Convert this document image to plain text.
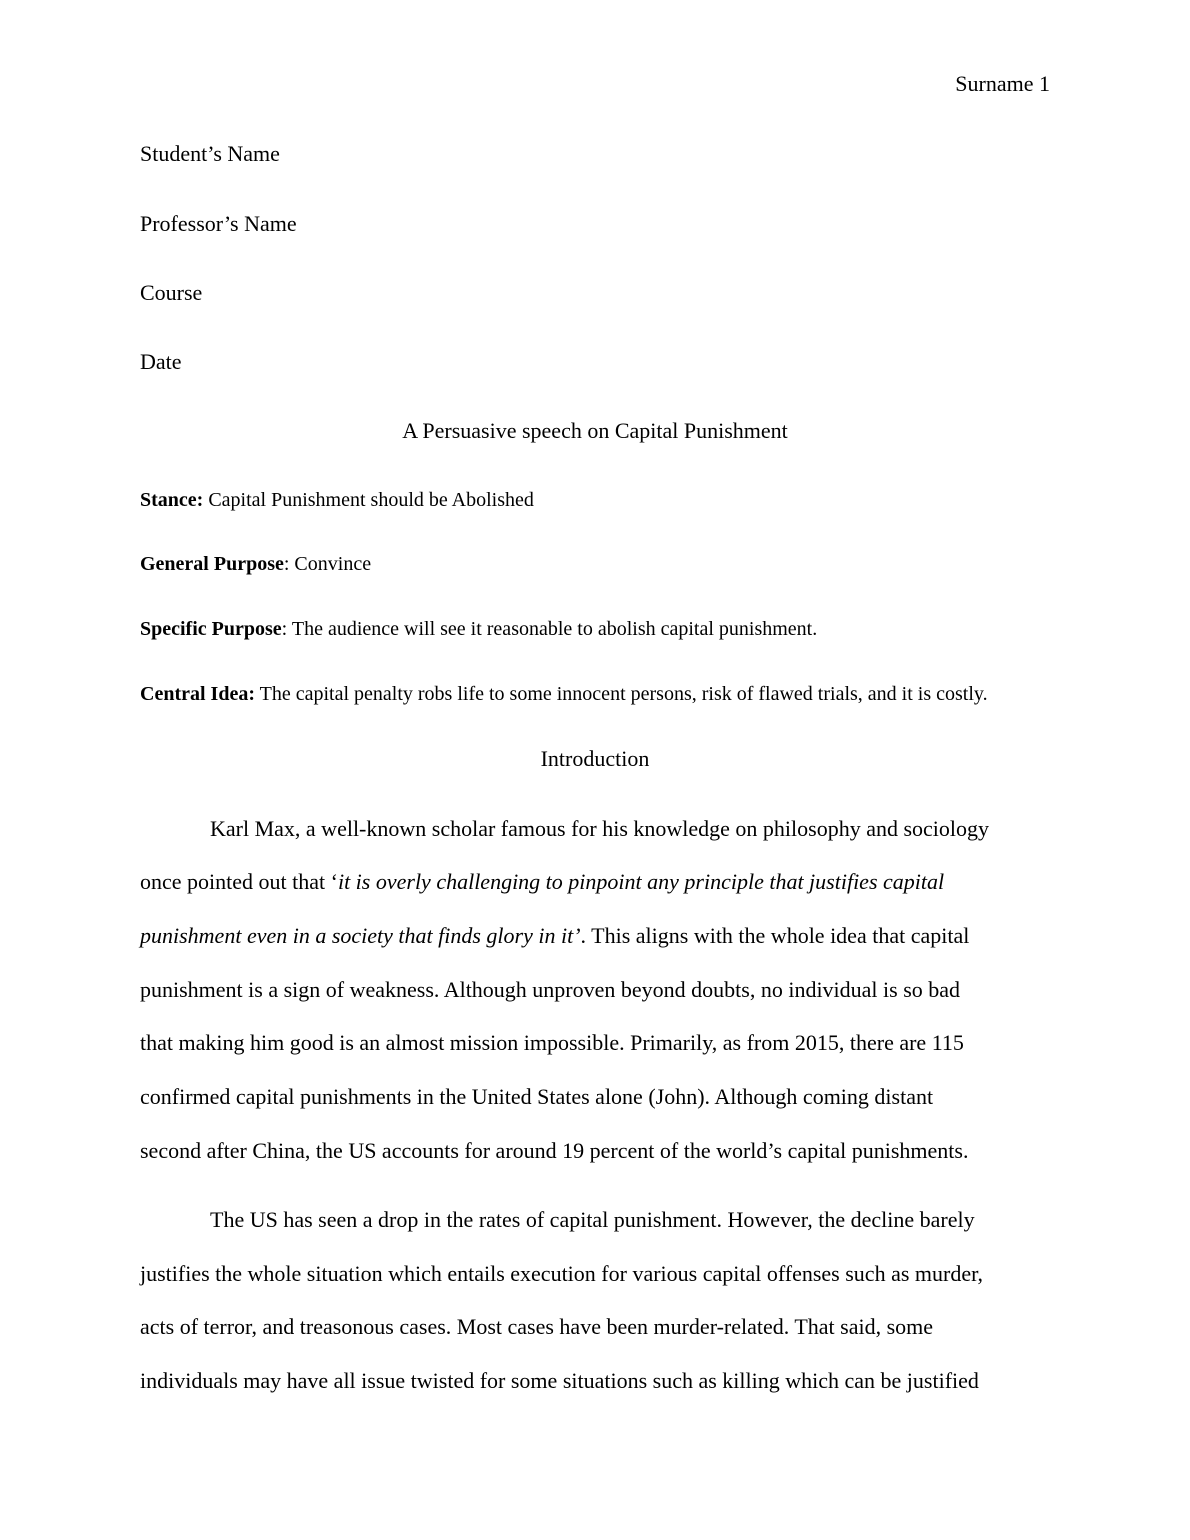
Surname 1
Student’s Name
Professor’s Name
Course
Date
A Persuasive speech on Capital Punishment
Stance: Capital Punishment should be Abolished
General Purpose: Convince
Specific Purpose: The audience will see it reasonable to abolish capital punishment.
Central Idea: The capital penalty robs life to some innocent persons, risk of flawed trials, and it is costly.
Introduction
Karl Max, a well-known scholar famous for his knowledge on philosophy and sociology
once pointed out that ‘it is overly challenging to pinpoint any principle that justifies capital
punishment even in a society that finds glory in it’. This aligns with the whole idea that capital
punishment is a sign of weakness. Although unproven beyond doubts, no individual is so bad
that making him good is an almost mission impossible. Primarily, as from 2015, there are 115
confirmed capital punishments in the United States alone (John). Although coming distant
second after China, the US accounts for around 19 percent of the world’s capital punishments.
The US has seen a drop in the rates of capital punishment. However, the decline barely
justifies the whole situation which entails execution for various capital offenses such as murder,
acts of terror, and treasonous cases. Most cases have been murder-related. That said, some
individuals may have all issue twisted for some situations such as killing which can be justified
